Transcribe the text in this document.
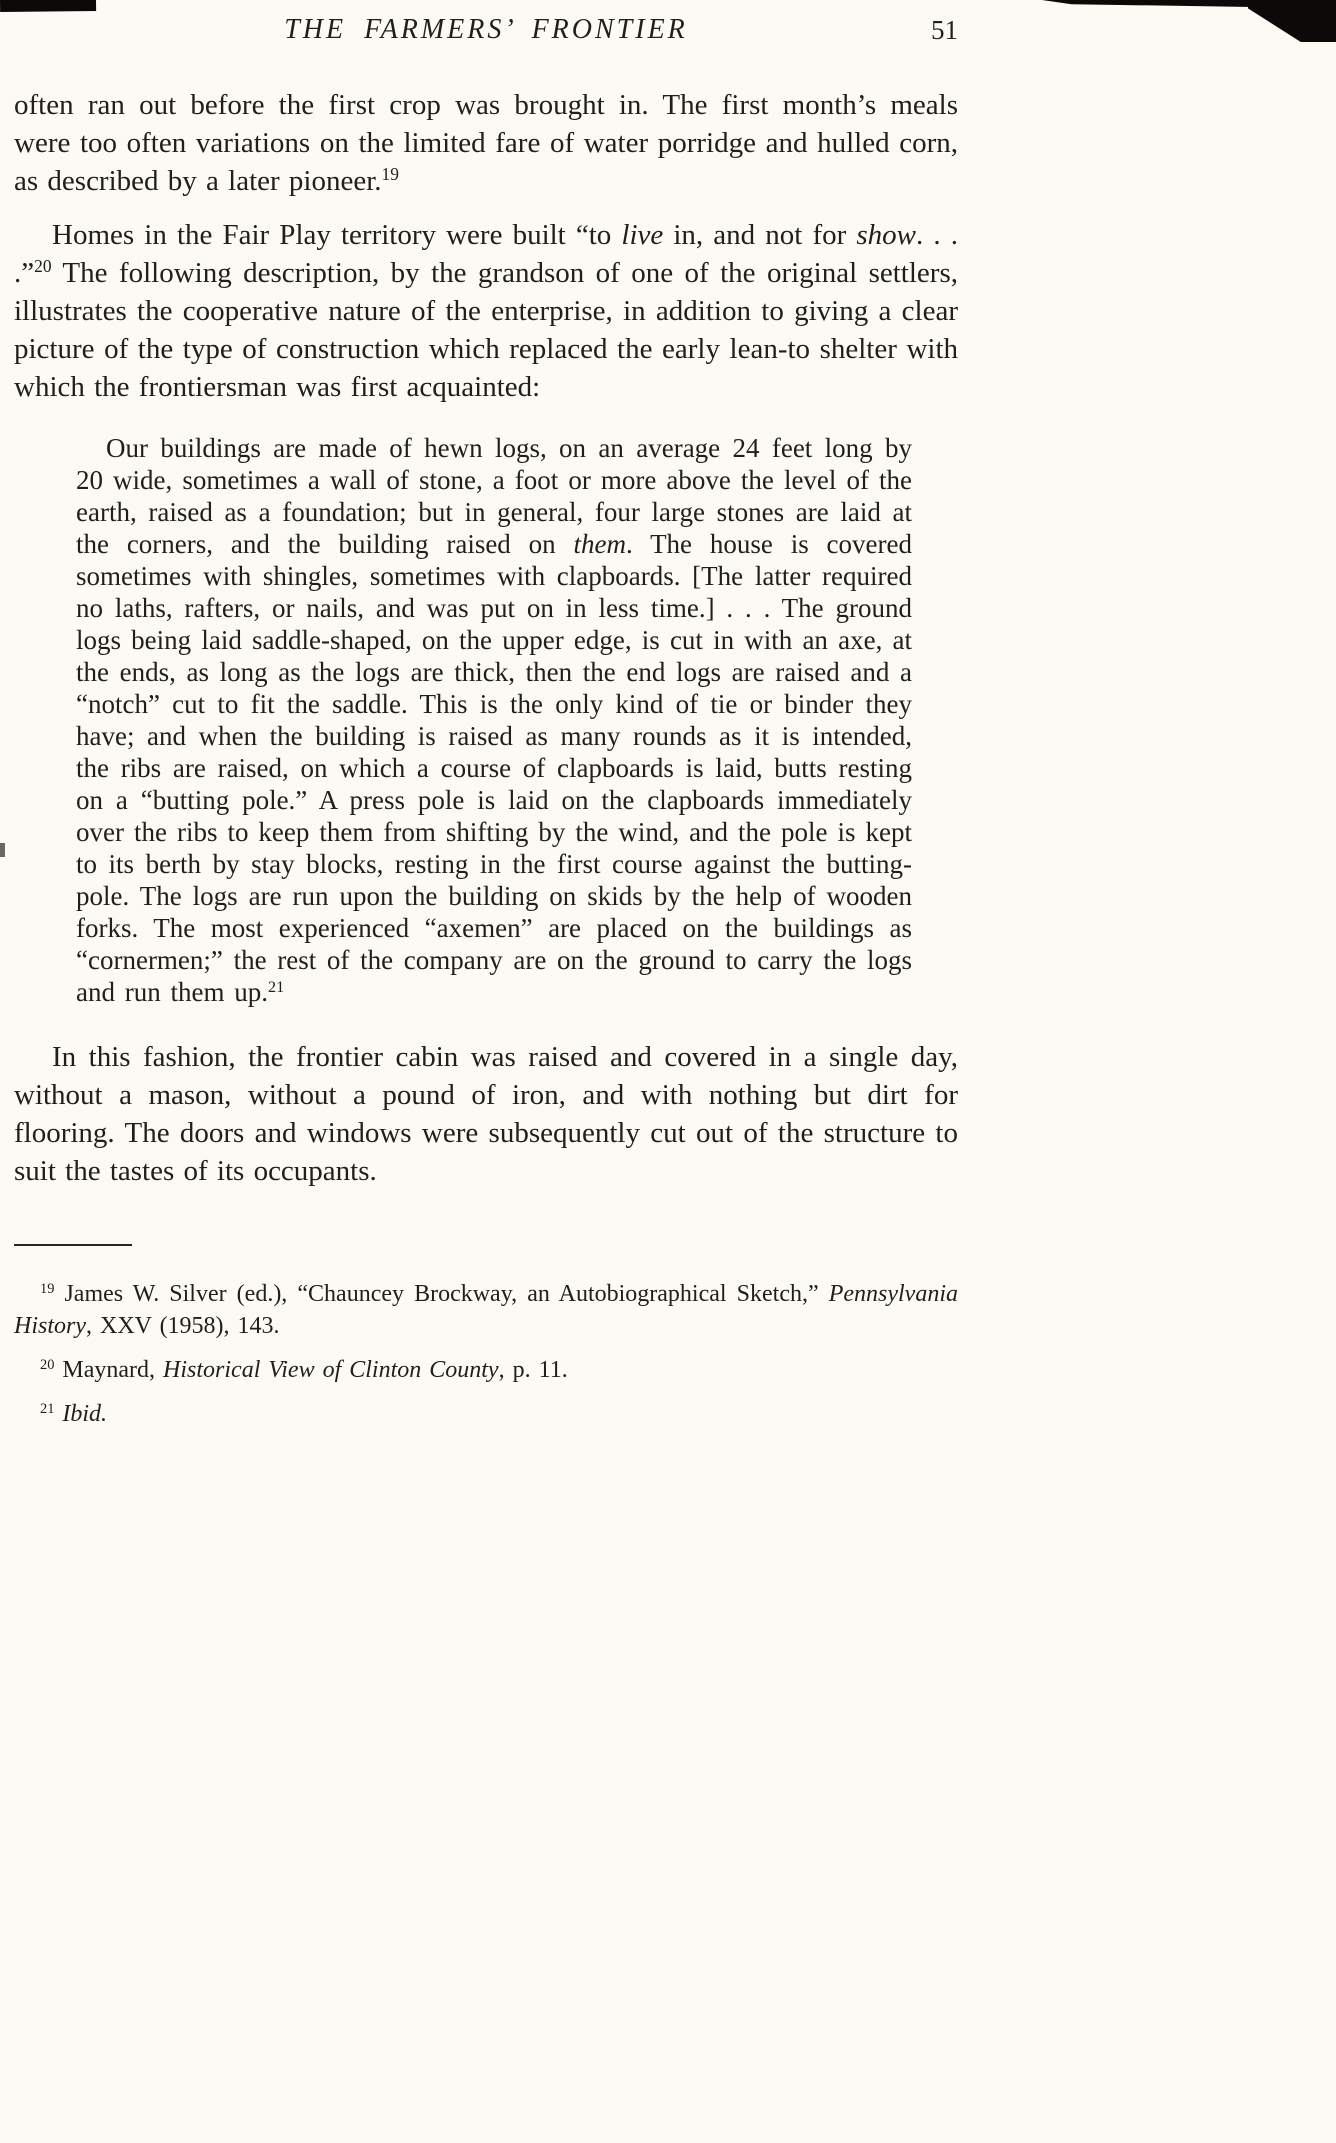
THE FARMERS’ FRONTIER	51

often ran out before the first crop was brought in. The first month’s meals were too often variations on the limited fare of water porridge and hulled corn, as described by a later pioneer.$^{19}$

Homes in the Fair Play territory were built “to live in, and not for show. . . .”$^{20}$ The following description, by the grandson of one of the original settlers, illustrates the cooperative nature of the enterprise, in addition to giving a clear picture of the type of construction which replaced the early lean-to shelter with which the frontiersman was first acquainted:

Our buildings are made of hewn logs, on an average 24 feet long by 20 wide, sometimes a wall of stone, a foot or more above the level of the earth, raised as a foundation; but in general, four large stones are laid at the corners, and the building raised on them. The house is covered sometimes with shingles, sometimes with clapboards. [The latter required no laths, rafters, or nails, and was put on in less time.] . . . The ground logs being laid saddle-shaped, on the upper edge, is cut in with an axe, at the ends, as long as the logs are thick, then the end logs are raised and a “notch” cut to fit the saddle. This is the only kind of tie or binder they have; and when the building is raised as many rounds as it is intended, the ribs are raised, on which a course of clapboards is laid, butts resting on a “butting pole.” A press pole is laid on the clapboards immediately over the ribs to keep them from shifting by the wind, and the pole is kept to its berth by stay blocks, resting in the first course against the butting-pole. The logs are run upon the building on skids by the help of wooden forks. The most experienced “axemen” are placed on the buildings as “cornermen;” the rest of the company are on the ground to carry the logs and run them up.$^{21}$

In this fashion, the frontier cabin was raised and covered in a single day, without a mason, without a pound of iron, and with nothing but dirt for flooring. The doors and windows were subsequently cut out of the structure to suit the tastes of its occupants.

$^{19}$ James W. Silver (ed.), “Chauncey Brockway, an Autobiographical Sketch,” Pennsylvania History, XXV (1958), 143.

$^{20}$ Maynard, Historical View of Clinton County, p. 11.

$^{21}$ Ibid.
